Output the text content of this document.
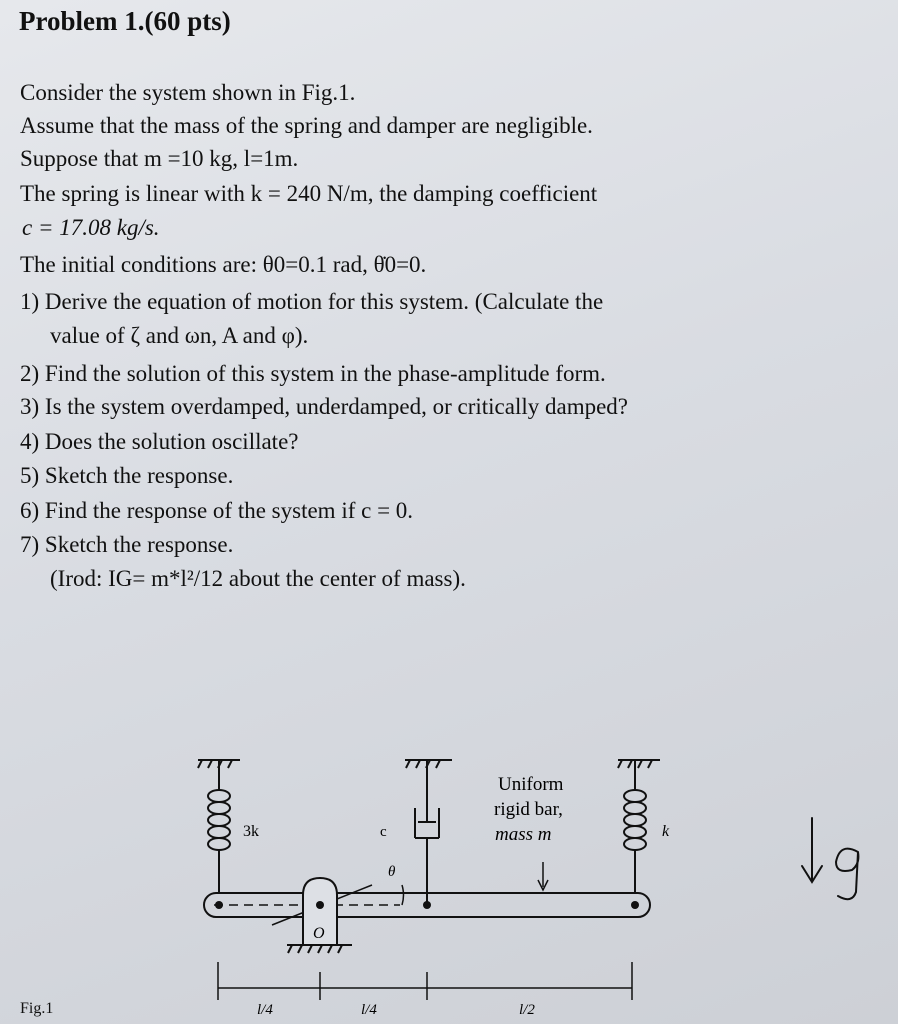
Problem 1.(60 pts)
Consider the system shown in Fig.1.
Assume that the mass of the spring and damper are negligible.
Suppose that m =10 kg, l=1m.
The spring is linear with k = 240 N/m, the damping coefficient
c = 17.08 kg/s.
The initial conditions are: θ0=0.1 rad, θ̇0=0.
1) Derive the equation of motion for this system. (Calculate the
value of ζ and ωn, A and φ).
2) Find the solution of this system in the phase-amplitude form.
3) Is the system overdamped, underdamped, or critically damped?
4) Does the solution oscillate?
5) Sketch the response.
6) Find the response of the system if c = 0.
7) Sketch the response.
(Irod: IG= m*l²/12 about the center of mass).
3k	c
θ
O
Uniform
rigid bar,
mass m	k
l/4	l/4	l/2
Fig.1
